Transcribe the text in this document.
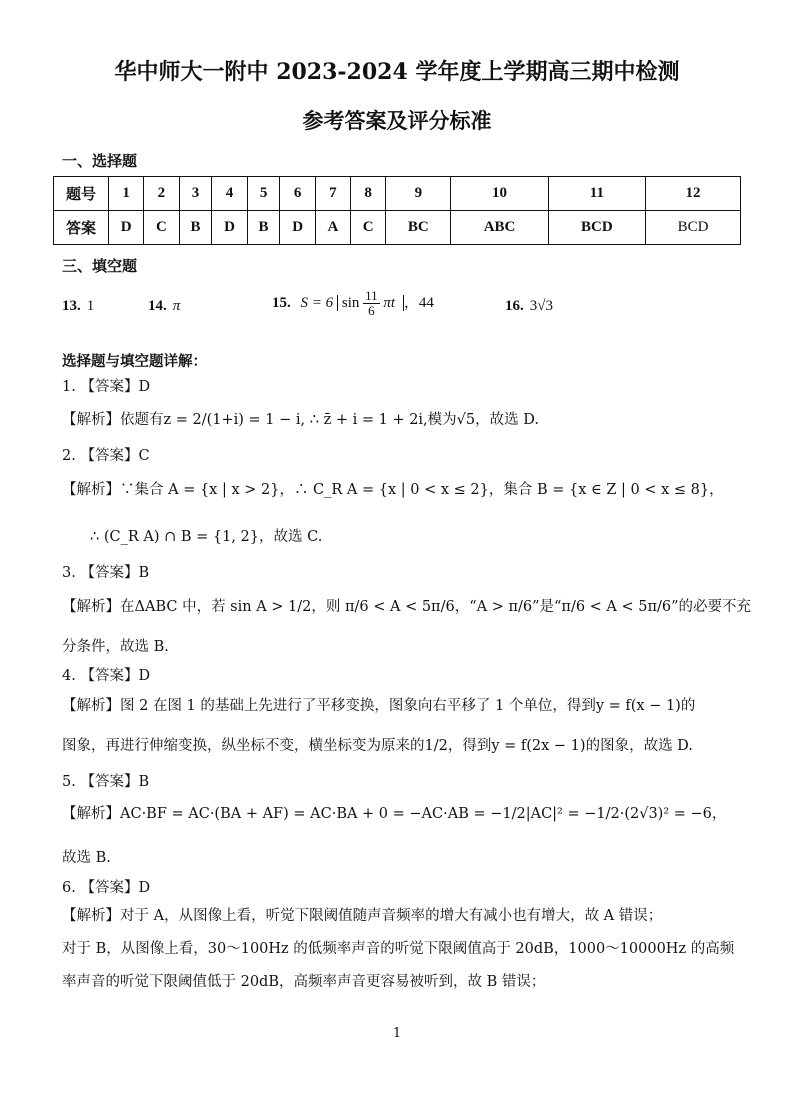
华中师大一附中 2023-2024 学年度上学期高三期中检测
参考答案及评分标准
一、选择题
题号	1	2	3	4	5	6	7	8	9	10	11	12
答案	D	C	B	D	B	D	A	C	BC	ABC	BCD	BCD
三、填空题
13. 1	14. π	15. S = 6 $\sin \frac{11}{6}$ πt ，44	16. 3√3
选择题与填空题详解：
1. 【答案】D
【解析】依题有z = 2/(1+i) = 1 − i, ∴ z̄ + i = 1 + 2i,模为√5，故选 D.
2. 【答案】C
【解析】∵集合 A = {x | x > 2}，∴ C_R A = {x | 0 < x ≤ 2}，集合 B = {x ∈ Z | 0 < x ≤ 8}，
∴ (C_R A) ∩ B = {1, 2}，故选 C.
3. 【答案】B
【解析】在ΔABC 中，若 sin A > 1/2，则 π/6 < A < 5π/6，“A > π/6”是“π/6 < A < 5π/6”的必要不充
分条件，故选 B.
4. 【答案】D
【解析】图 2 在图 1 的基础上先进行了平移变换，图象向右平移了 1 个单位，得到y = f(x − 1)的
图象，再进行伸缩变换，纵坐标不变，横坐标变为原来的1/2，得到y = f(2x − 1)的图象，故选 D.
5. 【答案】B
【解析】AC·BF = AC·(BA + AF) = AC·BA + 0 = −AC·AB = −1/2|AC|² = −1/2·(2√3)² = −6，
故选 B.
6. 【答案】D
【解析】对于 A，从图像上看，听觉下限阈值随声音频率的增大有减小也有增大，故 A 错误；
对于 B，从图像上看，30～100Hz 的低频率声音的听觉下限阈值高于 20dB，1000～10000Hz 的高频
率声音的听觉下限阈值低于 20dB，高频率声音更容易被听到，故 B 错误；
1
